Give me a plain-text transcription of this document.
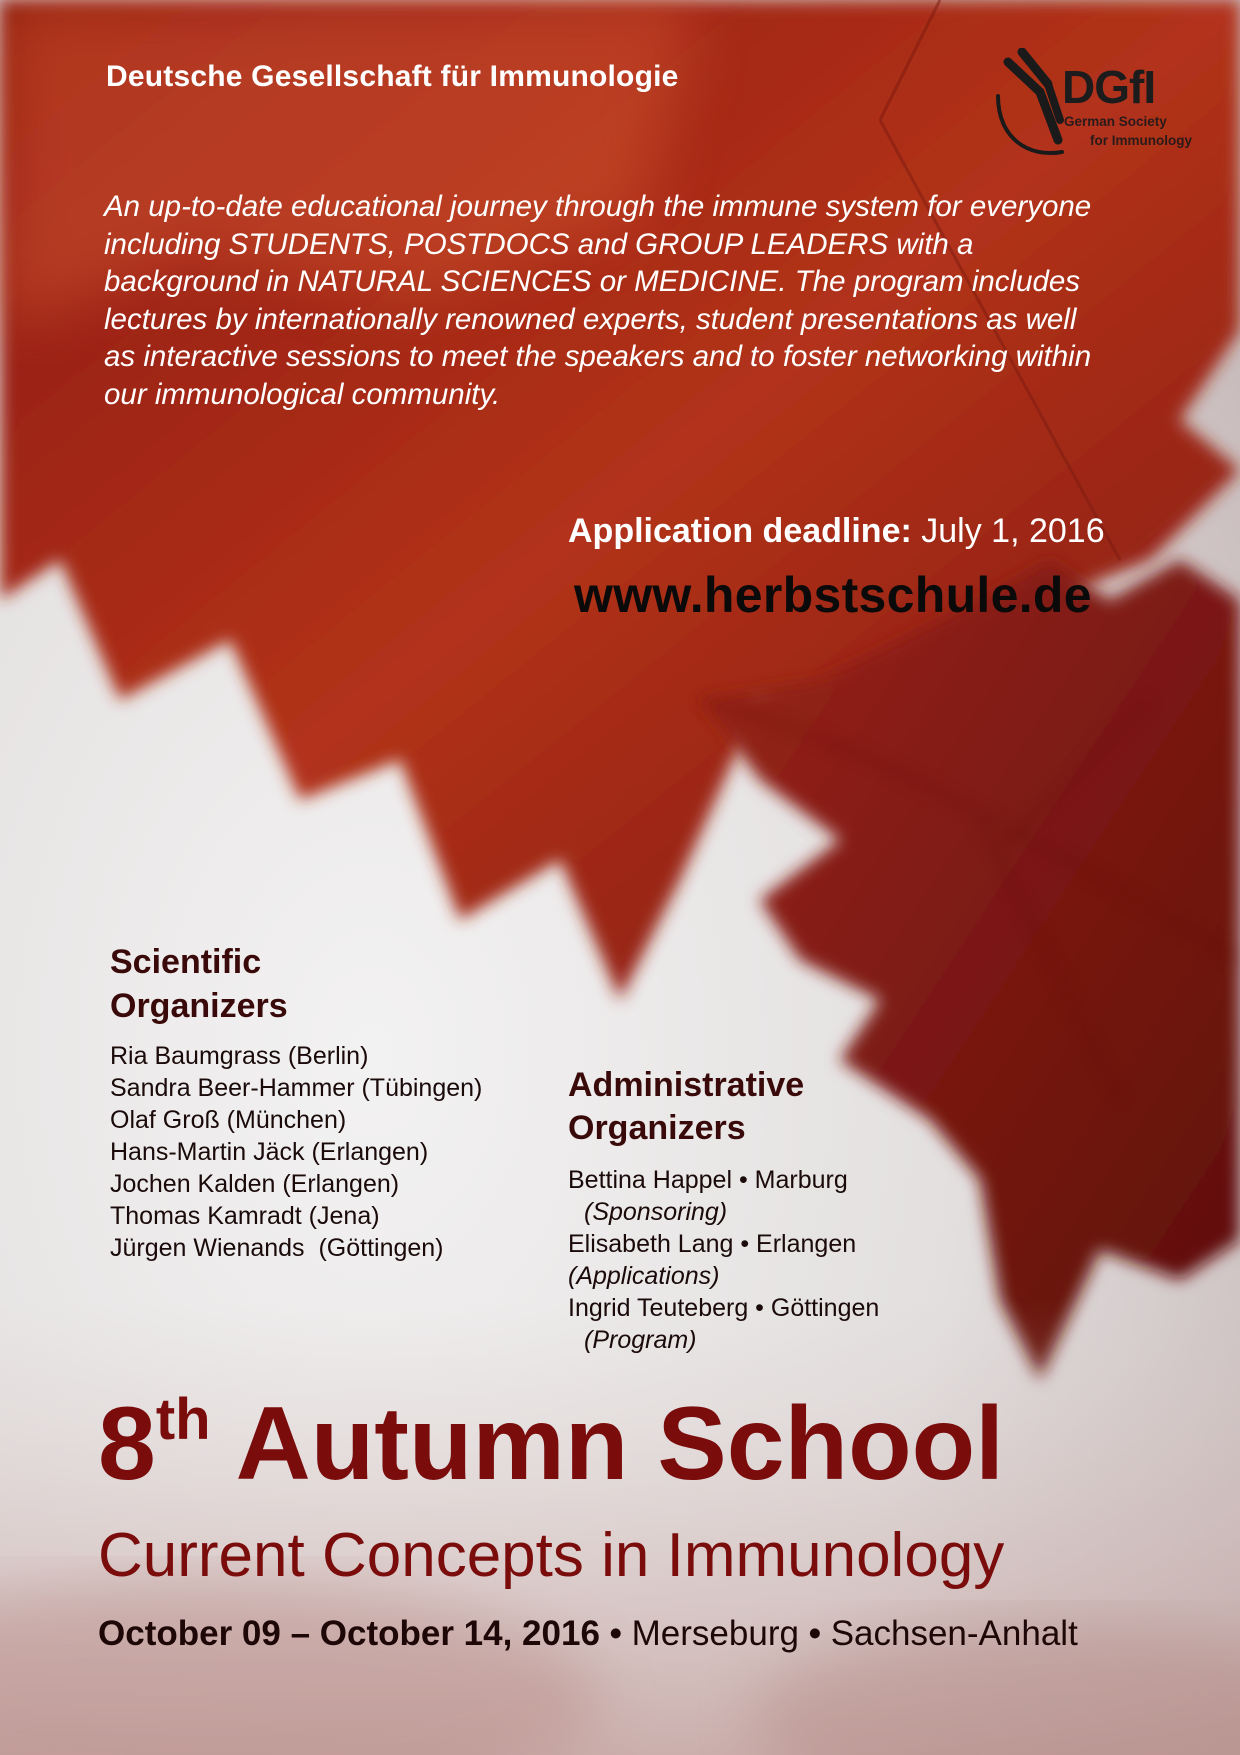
Deutsche Gesellschaft für Immunologie	DGfI
German Society
for Immunology

An up-to-date educational journey through the immune system for everyone including STUDENTS, POSTDOCS and GROUP LEADERS with a background in NATURAL SCIENCES or MEDICINE. The program includes lectures by internationally renowned experts, student presentations as well as interactive sessions to meet the speakers and to foster networking within our immunological community.

Application deadline: July 1, 2016
www.herbstschule.de
Scientific Organizers
Ria Baumgrass (Berlin)
Sandra Beer-Hammer (Tübingen)
Olaf Groß (München)
Hans-Martin Jäck (Erlangen)
Jochen Kalden (Erlangen)
Thomas Kamradt (Jena)
Jürgen Wienands  (Göttingen)
Administrative Organizers
Bettina Happel • Marburg
(Sponsoring)
Elisabeth Lang • Erlangen
(Applications)
Ingrid Teuteberg • Göttingen
(Program)
8th Autumn School
Current Concepts in Immunology
October 09 – October 14, 2016 • Merseburg • Sachsen-Anhalt
